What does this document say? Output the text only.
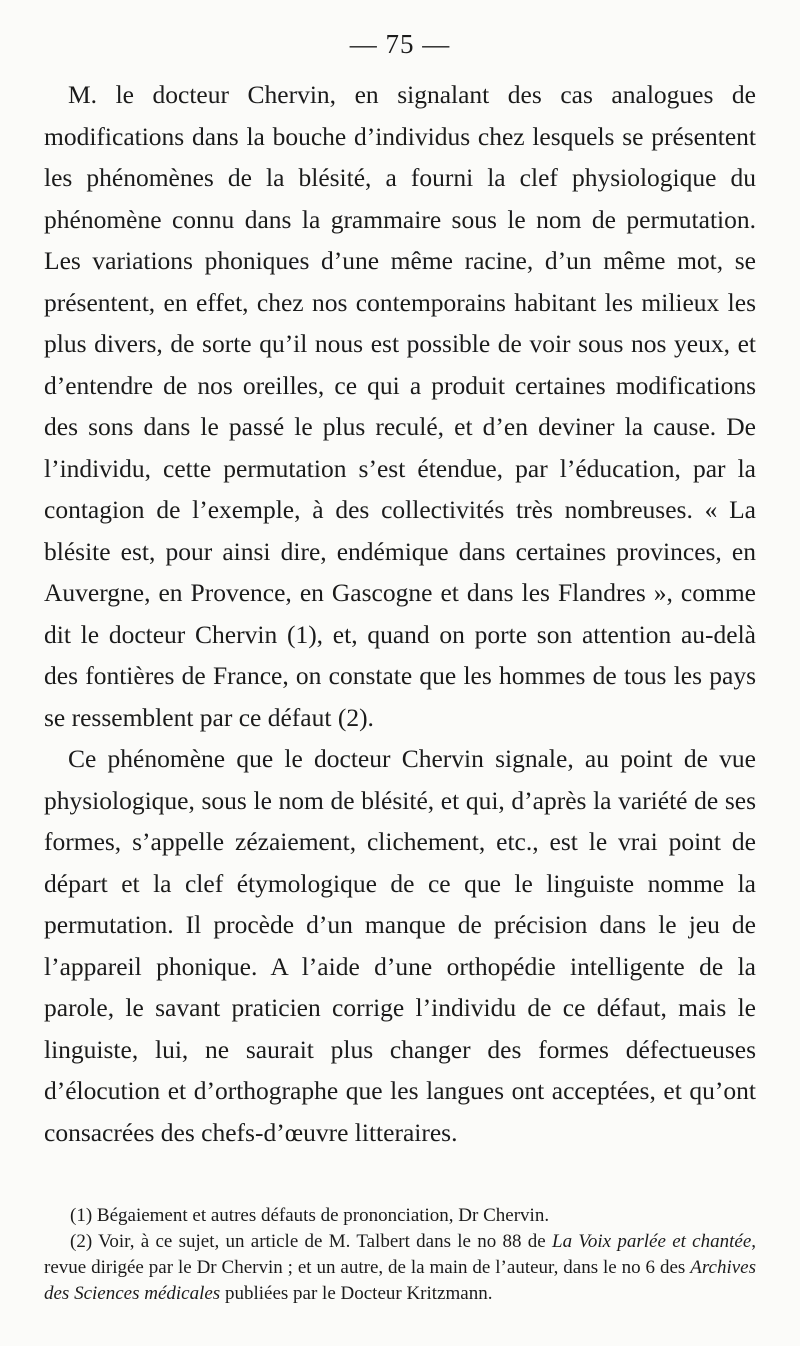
— 75 —

M. le docteur Chervin, en signalant des cas analogues de modifications dans la bouche d’individus chez lesquels se présentent les phénomènes de la blésité, a fourni la clef physiologique du phénomène connu dans la grammaire sous le nom de permutation. Les variations phoniques d’une même racine, d’un même mot, se présentent, en effet, chez nos contemporains habitant les milieux les plus divers, de sorte qu’il nous est possible de voir sous nos yeux, et d’entendre de nos oreilles, ce qui a produit certaines modifications des sons dans le passé le plus reculé, et d’en deviner la cause. De l’individu, cette permutation s’est étendue, par l’éducation, par la contagion de l’exemple, à des collectivités très nombreuses. « La blésite est, pour ainsi dire, endémique dans certaines provinces, en Auvergne, en Provence, en Gascogne et dans les Flandres », comme dit le docteur Chervin (1), et, quand on porte son attention au-delà des fontières de France, on constate que les hommes de tous les pays se ressemblent par ce défaut (2).

Ce phénomène que le docteur Chervin signale, au point de vue physiologique, sous le nom de blésité, et qui, d’après la variété de ses formes, s’appelle zézaiement, clichement, etc., est le vrai point de départ et la clef étymologique de ce que le linguiste nomme la permutation. Il procède d’un manque de précision dans le jeu de l’appareil phonique. A l’aide d’une orthopédie intelligente de la parole, le savant praticien corrige l’individu de ce défaut, mais le linguiste, lui, ne saurait plus changer des formes défectueuses d’élocution et d’orthographe que les langues ont acceptées, et qu’ont consacrées des chefs-d’œuvre litteraires.

(1) Bégaiement et autres défauts de prononciation, Dr Chervin.

(2) Voir, à ce sujet, un article de M. Talbert dans le no 88 de La Voix parlée et chantée, revue dirigée par le Dr Chervin ; et un autre, de la main de l’auteur, dans le no 6 des Archives des Sciences médicales publiées par le Docteur Kritzmann.
